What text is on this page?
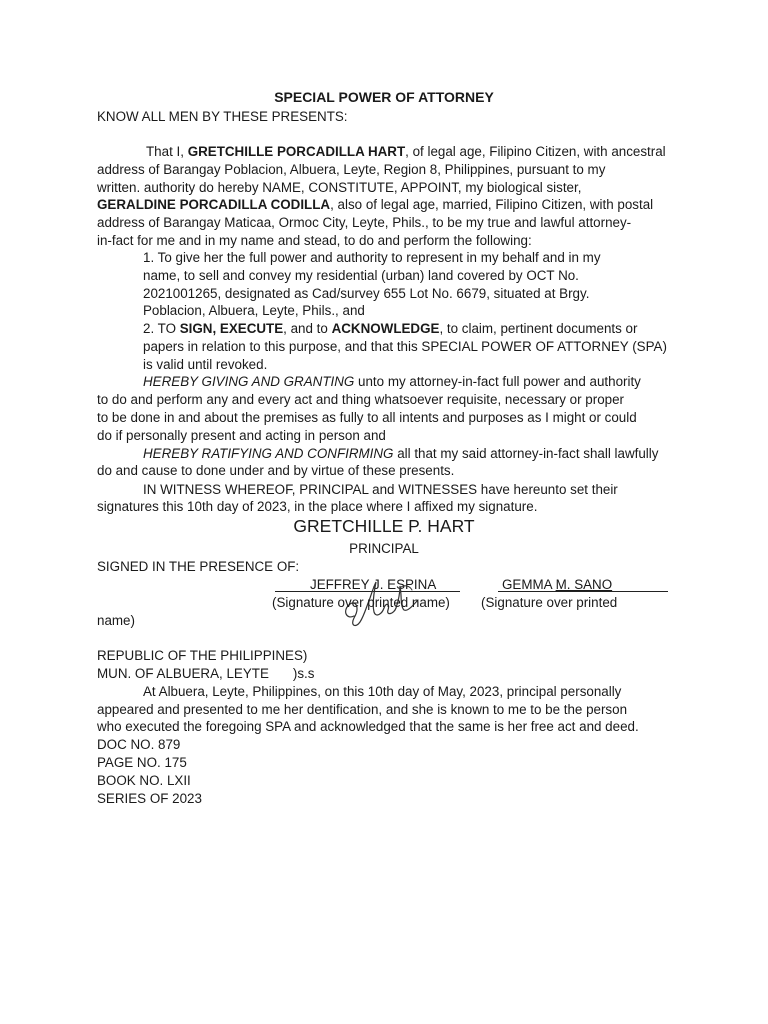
SPECIAL POWER OF ATTORNEY
KNOW ALL MEN BY THESE PRESENTS:
That I, GRETCHILLE PORCADILLA HART, of legal age, Filipino Citizen, with ancestral
address of Barangay Poblacion, Albuera, Leyte, Region 8, Philippines, pursuant to my
written. authority do hereby NAME, CONSTITUTE, APPOINT, my biological sister,
GERALDINE PORCADILLA CODILLA, also of legal age, married, Filipino Citizen, with postal
address of Barangay Maticaa, Ormoc City, Leyte, Phils., to be my true and lawful attorney-
in-fact for me and in my name and stead, to do and perform the following:
1. To give her the full power and authority to represent in my behalf and in my
name, to sell and convey my residential (urban) land covered by OCT No.
2021001265, designated as Cad/survey 655 Lot No. 6679, situated at Brgy.
Poblacion, Albuera, Leyte, Phils., and
2. TO SIGN, EXECUTE, and to ACKNOWLEDGE, to claim, pertinent documents or
papers in relation to this purpose, and that this SPECIAL POWER OF ATTORNEY (SPA)
is valid until revoked.
HEREBY GIVING AND GRANTING unto my attorney-in-fact full power and authority
to do and perform any and every act and thing whatsoever requisite, necessary or proper
to be done in and about the premises as fully to all intents and purposes as I might or could
do if personally present and acting in person and
HEREBY RATIFYING AND CONFIRMING all that my said attorney-in-fact shall lawfully
do and cause to done under and by virtue of these presents.
IN WITNESS WHEREOF, PRINCIPAL and WITNESSES have hereunto set their
signatures this 10th day of 2023, in the place where I affixed my signature.
GRETCHILLE P. HART
PRINCIPAL
SIGNED IN THE PRESENCE OF:
JEFFREY J. ESPINA	GEMMA M. SANO
(Signature over printed name) (Signature over printed
name)
REPUBLIC OF THE PHILIPPINES)
MUN. OF ALBUERA, LEYTE )s.s
At Albuera, Leyte, Philippines, on this 10th day of May, 2023, principal personally
appeared and presented to me her dentification, and she is known to me to be the person
who executed the foregoing SPA and acknowledged that the same is her free act and deed.
DOC NO. 879
PAGE NO. 175
BOOK NO. LXII
SERIES OF 2023
